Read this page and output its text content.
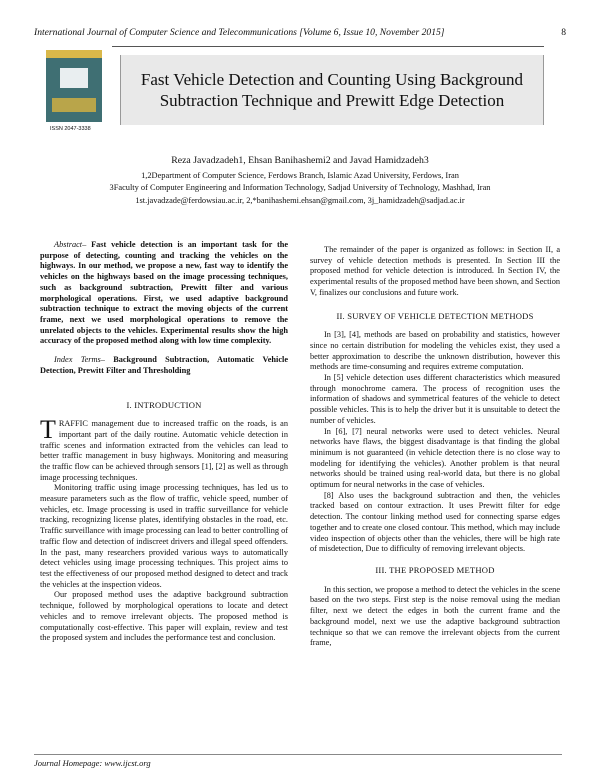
International Journal of Computer Science and Telecommunications [Volume 6, Issue 10, November 2015]	8
ISSN 2047-3338
Fast Vehicle Detection and Counting Using Background Subtraction Technique and Prewitt Edge Detection
Reza Javadzadeh1, Ehsan Banihashemi2 and Javad Hamidzadeh3
1,2Department of Computer Science, Ferdows Branch, Islamic Azad University, Ferdows, Iran
3Faculty of Computer Engineering and Information Technology, Sadjad University of Technology, Mashhad, Iran
1st.javadzade@ferdowsiau.ac.ir, 2,*banihashemi.ehsan@gmail.com, 3j_hamidzadeh@sadjad.ac.ir

Abstract– Fast vehicle detection is an important task for the purpose of detecting, counting and tracking the vehicles on the highways. In our method, we propose a new, fast way to identify the vehicles on the highways based on the image processing techniques, such as background subtraction, Prewitt filter and various morphological operations. First, we used adaptive background subtraction technique to extract the moving objects of the current frame, next we used morphological operations to remove the unrelated objects to the vehicles. Experimental results show the high accuracy of the proposed method along with low time complexity.

Index Terms– Background Subtraction, Automatic Vehicle Detection, Prewitt Filter and Thresholding

I. INTRODUCTION

TRAFFIC management due to increased traffic on the roads, is an important part of the daily routine. Automatic vehicle detection in traffic scenes and information extracted from the vehicles can lead to better traffic management in busy highways. Monitoring and measuring the traffic flow can be achieved through sensors [1], [2] as well as through image processing techniques.

Monitoring traffic using image processing techniques, has led us to measure parameters such as the flow of traffic, vehicle speed, number of vehicles, etc. Image processing is used in traffic surveillance for vehicle tracking, recognizing license plates, identifying obstacles in the road, etc. Traffic surveillance with image processing can lead to better controlling of traffic flow and detection of indiscreet drivers and illegal speed offenders. In the past, many researchers provided various ways to automatically detect vehicles using image processing techniques. This project aims to test the effectiveness of our proposed method designed to detect and track the vehicles at the inspection videos.

Our proposed method uses the adaptive background subtraction technique, followed by morphological operations to locate and detect vehicles and to remove irrelevant objects. The proposed method is computationally cost-effective. This paper will explain, review and test the proposed system and includes the performance test and conclusion.

The remainder of the paper is organized as follows: in Section II, a survey of vehicle detection methods is presented. In Section III the proposed method for vehicle detection is introduced. In Section IV, the experimental results of the proposed method have been shown, and Section V, finalizes our conclusions and future work.

II. SURVEY OF VEHICLE DETECTION METHODS

In [3], [4], methods are based on probability and statistics, however since no certain distribution for modeling the vehicles exist, they used a better approximation to describe the unknown distribution, however this methods are time-consuming and requires extreme computation.

In [5] vehicle detection uses different characteristics which measured through monochrome camera. The process of recognition uses the information of shadows and symmetrical features of the vehicle to detect possible vehicles. This is to help the driver but it is unsuitable to detect the number of vehicles.

In [6], [7] neural networks were used to detect vehicles. Neural networks have flaws, the biggest disadvantage is that finding the global minimum is not guaranteed (in vehicle detection there is no close way to modeling for identifying the vehicles). Another problem is that neural networks should be trained using real-world data, but there is no global optimum for neural networks in the case of vehicles.

[8] Also uses the background subtraction and then, the vehicles tracked based on contour extraction. It uses Prewitt filter for edge detection. The contour linking method used for connecting sparse edges together and to create one closed contour. This method, which may include video inspection of objects other than the vehicles, there will be high rate of misdetection, Due to difficulty of removing irrelevant objects.

III. THE PROPOSED METHOD

In this section, we propose a method to detect the vehicles in the scene based on the two steps. First step is the noise removal using the median filter, next we detect the edges in both the current frame and the background model, next we use the adaptive background subtraction technique so that we can remove the irrelevant objects from the current frame,

Journal Homepage: www.ijcst.org
